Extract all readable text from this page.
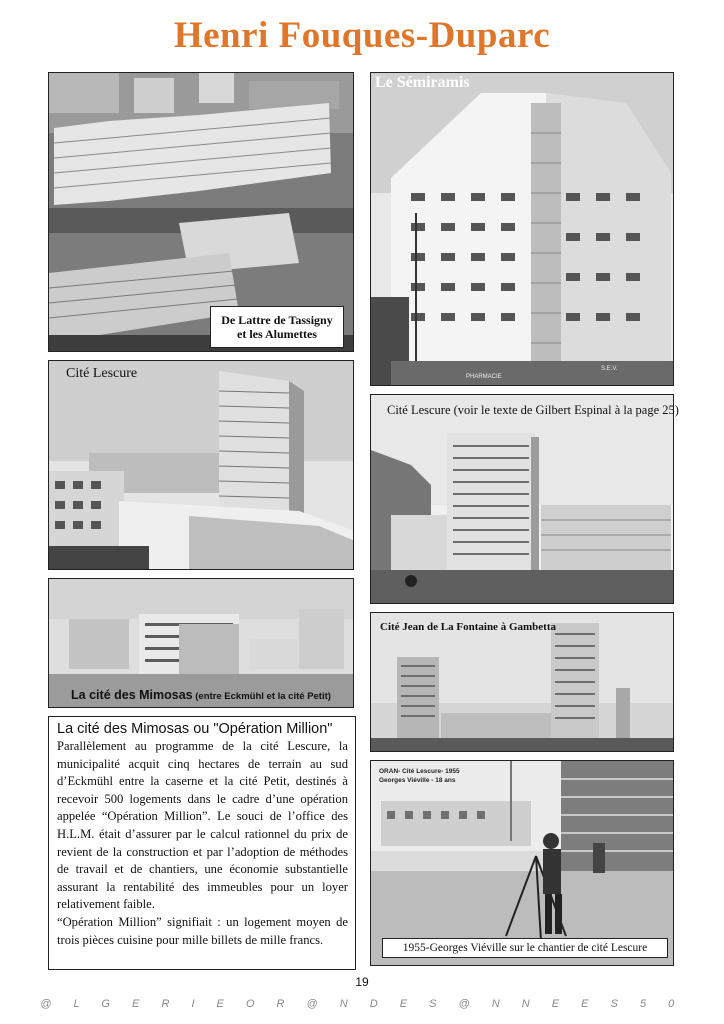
Henri Fouques-Duparc
De Lattre de Tassigny
et les Alumettes
PHARMACIE
S.E.V.
Le Sémiramis
Cité Lescure
Cité Lescure (voir le texte de Gilbert Espinal à la page 25)
La cité des Mimosas (entre Eckmühl et la cité Petit)
Cité Jean de La Fontaine à Gambetta
ORAN- Cité Lescure- 1955
Georges Viéville - 18 ans
1955-Georges Viéville sur le chantier de cité Lescure
La cité des Mimosas ou "Opération Million"

Parallèlement au programme de la cité Lescure, la municipalité acquit cinq hectares de terrain au sud d’Eckmühl entre la caserne et la cité Petit, destinés à recevoir 500 logements dans le cadre d’une opération appelée “Opération Million”. Le souci de l’office des H.L.M. était d’assurer par le calcul rationnel du prix de revient de la construction et par l’adoption de méthodes de travail et de chantiers, une économie substantielle assurant la rentabilité des immeubles pour un loyer relativement faible.

“Opération Million” signifiait : un logement moyen de trois pièces cuisine pour mille billets de mille francs.

19
@ L G E R I E O R @ N D E S @ N N E E S 5 0
